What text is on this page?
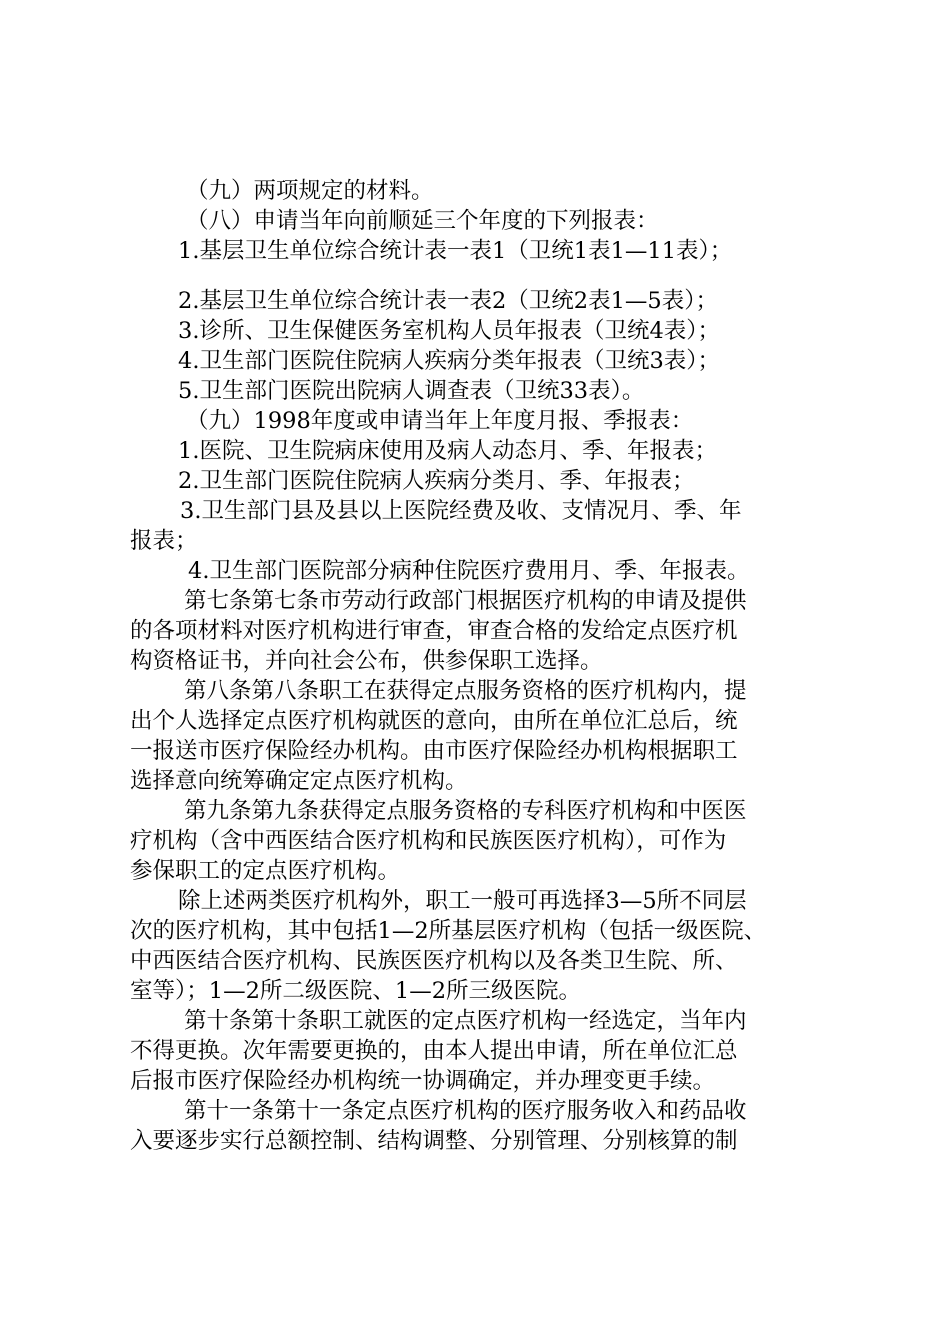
（九）两项规定的材料。
（八）申请当年向前顺延三个年度的下列报表：
1.基层卫生单位综合统计表一表1（卫统1表1—11表）；
2.基层卫生单位综合统计表一表2（卫统2表1—5表）；
3.诊所、卫生保健医务室机构人员年报表（卫统4表）；
4.卫生部门医院住院病人疾病分类年报表（卫统3表）；
5.卫生部门医院出院病人调查表（卫统33表）。
（九）1998年度或申请当年上年度月报、季报表：
1.医院、卫生院病床使用及病人动态月、季、年报表；
2.卫生部门医院住院病人疾病分类月、季、年报表；
3.卫生部门县及县以上医院经费及收、支情况月、季、年
报表；
4.卫生部门医院部分病种住院医疗费用月、季、年报表。
第七条第七条市劳动行政部门根据医疗机构的申请及提供
的各项材料对医疗机构进行审查，审查合格的发给定点医疗机
构资格证书，并向社会公布，供参保职工选择。
第八条第八条职工在获得定点服务资格的医疗机构内，提
出个人选择定点医疗机构就医的意向，由所在单位汇总后，统
一报送市医疗保险经办机构。由市医疗保险经办机构根据职工
选择意向统筹确定定点医疗机构。
第九条第九条获得定点服务资格的专科医疗机构和中医医
疗机构（含中西医结合医疗机构和民族医医疗机构），可作为
参保职工的定点医疗机构。
除上述两类医疗机构外，职工一般可再选择3—5所不同层
次的医疗机构，其中包括1—2所基层医疗机构（包括一级医院、
中西医结合医疗机构、民族医医疗机构以及各类卫生院、所、
室等）；1—2所二级医院、1—2所三级医院。
第十条第十条职工就医的定点医疗机构一经选定，当年内
不得更换。次年需要更换的，由本人提出申请，所在单位汇总
后报市医疗保险经办机构统一协调确定，并办理变更手续。
第十一条第十一条定点医疗机构的医疗服务收入和药品收
入要逐步实行总额控制、结构调整、分别管理、分别核算的制
